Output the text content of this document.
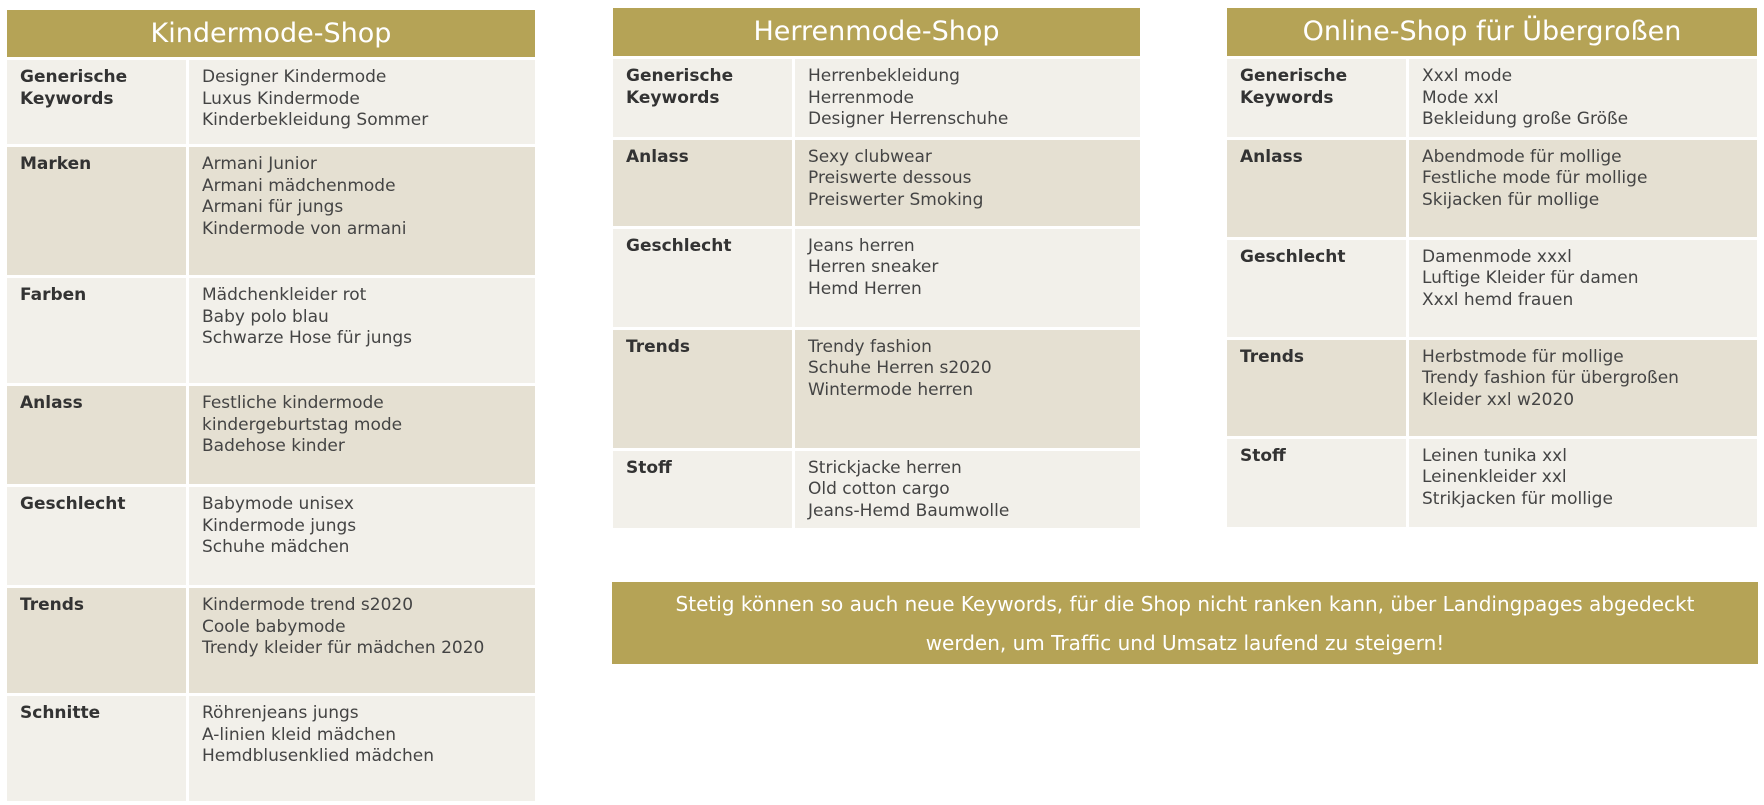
Kindermode-Shop
Generische Keywords	Designer Kindermode
Luxus Kindermode
Kinderbekleidung Sommer

Marken	Armani Junior
Armani mädchenmode
Armani für jungs
Kindermode von armani

Farben	Mädchenkleider rot
Baby polo blau
Schwarze Hose für jungs

Anlass	Festliche kindermode
kindergeburtstag mode
Badehose kinder

Geschlecht	Babymode unisex
Kindermode jungs
Schuhe mädchen

Trends	Kindermode trend s2020
Coole babymode
Trendy kleider für mädchen 2020

Schnitte	Röhrenjeans jungs
A-linien kleid mädchen
Hemdblusenklied mädchen
Herrenmode-Shop
Generische Keywords	Herrenbekleidung
Herrenmode
Designer Herrenschuhe

Anlass	Sexy clubwear
Preiswerte dessous
Preiswerter Smoking

Geschlecht	Jeans herren
Herren sneaker
Hemd Herren

Trends	Trendy fashion
Schuhe Herren s2020
Wintermode herren

Stoff	Strickjacke herren
Old cotton cargo
Jeans-Hemd Baumwolle
Online-Shop für Übergroßen
Generische Keywords	Xxxl mode
Mode xxl
Bekleidung große Größe

Anlass	Abendmode für mollige
Festliche mode für mollige
Skijacken für mollige

Geschlecht	Damenmode xxxl
Luftige Kleider für damen
Xxxl hemd frauen

Trends	Herbstmode für mollige
Trendy fashion für übergroßen
Kleider xxl w2020

Stoff	Leinen tunika xxl
Leinenkleider xxl
Strikjacken für mollige
Stetig können so auch neue Keywords, für die Shop nicht ranken kann, über Landingpages abgedeckt werden, um Traffic und Umsatz laufend zu steigern!
